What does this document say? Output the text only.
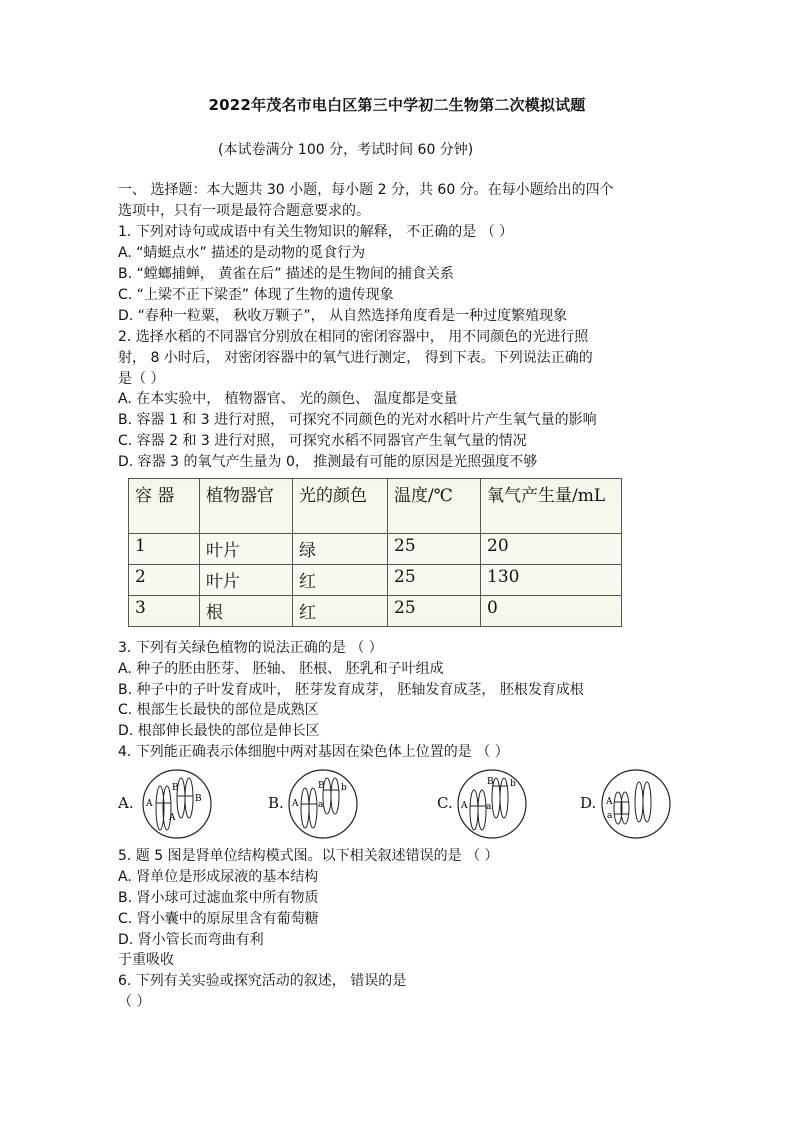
2022年茂名市电白区第三中学初二生物第二次模拟试题
(本试卷满分 100 分，考试时间 60 分钟)
一、 选择题：本大题共 30 小题，每小题 2 分，共 60 分。在每小题给出的四个
选项中，只有一项是最符合题意要求的。
1. 下列对诗句或成语中有关生物知识的解释， 不正确的是 （ ）
A. “蜻蜓点水” 描述的是动物的觅食行为
B. “螳螂捕蝉， 黄雀在后” 描述的是生物间的捕食关系
C. “上梁不正下梁歪” 体现了生物的遗传现象
D. “春种一粒粟， 秋收万颗子”， 从自然选择角度看是一种过度繁殖现象
2. 选择水稻的不同器官分别放在相同的密闭容器中， 用不同颜色的光进行照
射， 8 小时后， 对密闭容器中的氧气进行测定， 得到下表。下列说法正确的
是（ ）
A. 在本实验中， 植物器官、 光的颜色、 温度都是变量
B. 容器 1 和 3 进行对照， 可探究不同颜色的光对水稻叶片产生氧气量的影响
C. 容器 2 和 3 进行对照， 可探究水稻不同器官产生氧气量的情况
D. 容器 3 的氧气产生量为 0， 推测最有可能的原因是光照强度不够
容 器	植物器官	光的颜色	温度/℃	氧气产生量/mL
1	叶片	绿	25	20
2	叶片	红	25	130
3	根	红	25	0
3. 下列有关绿色植物的说法正确的是 （ ）
A. 种子的胚由胚芽、 胚轴、 胚根、 胚乳和子叶组成
B. 种子中的子叶发育成叶， 胚芽发育成芽， 胚轴发育成茎， 胚根发育成根
C. 根部生长最快的部位是成熟区
D. 根部伸长最快的部位是伸长区
4. 下列能正确表示体细胞中两对基因在染色体上位置的是 （ ）
A. A
A
B
B	B. A a
B b
C. A a
B b
D. A
a
5. 题 5 图是肾单位结构模式图。以下相关叙述错误的是 （ ）
A. 肾单位是形成尿液的基本结构
B. 肾小球可过滤血浆中所有物质
C. 肾小囊中的原尿里含有葡萄糖
D. 肾小管长而弯曲有利
于重吸收
6. 下列有关实验或探究活动的叙述， 错误的是
（ ）
